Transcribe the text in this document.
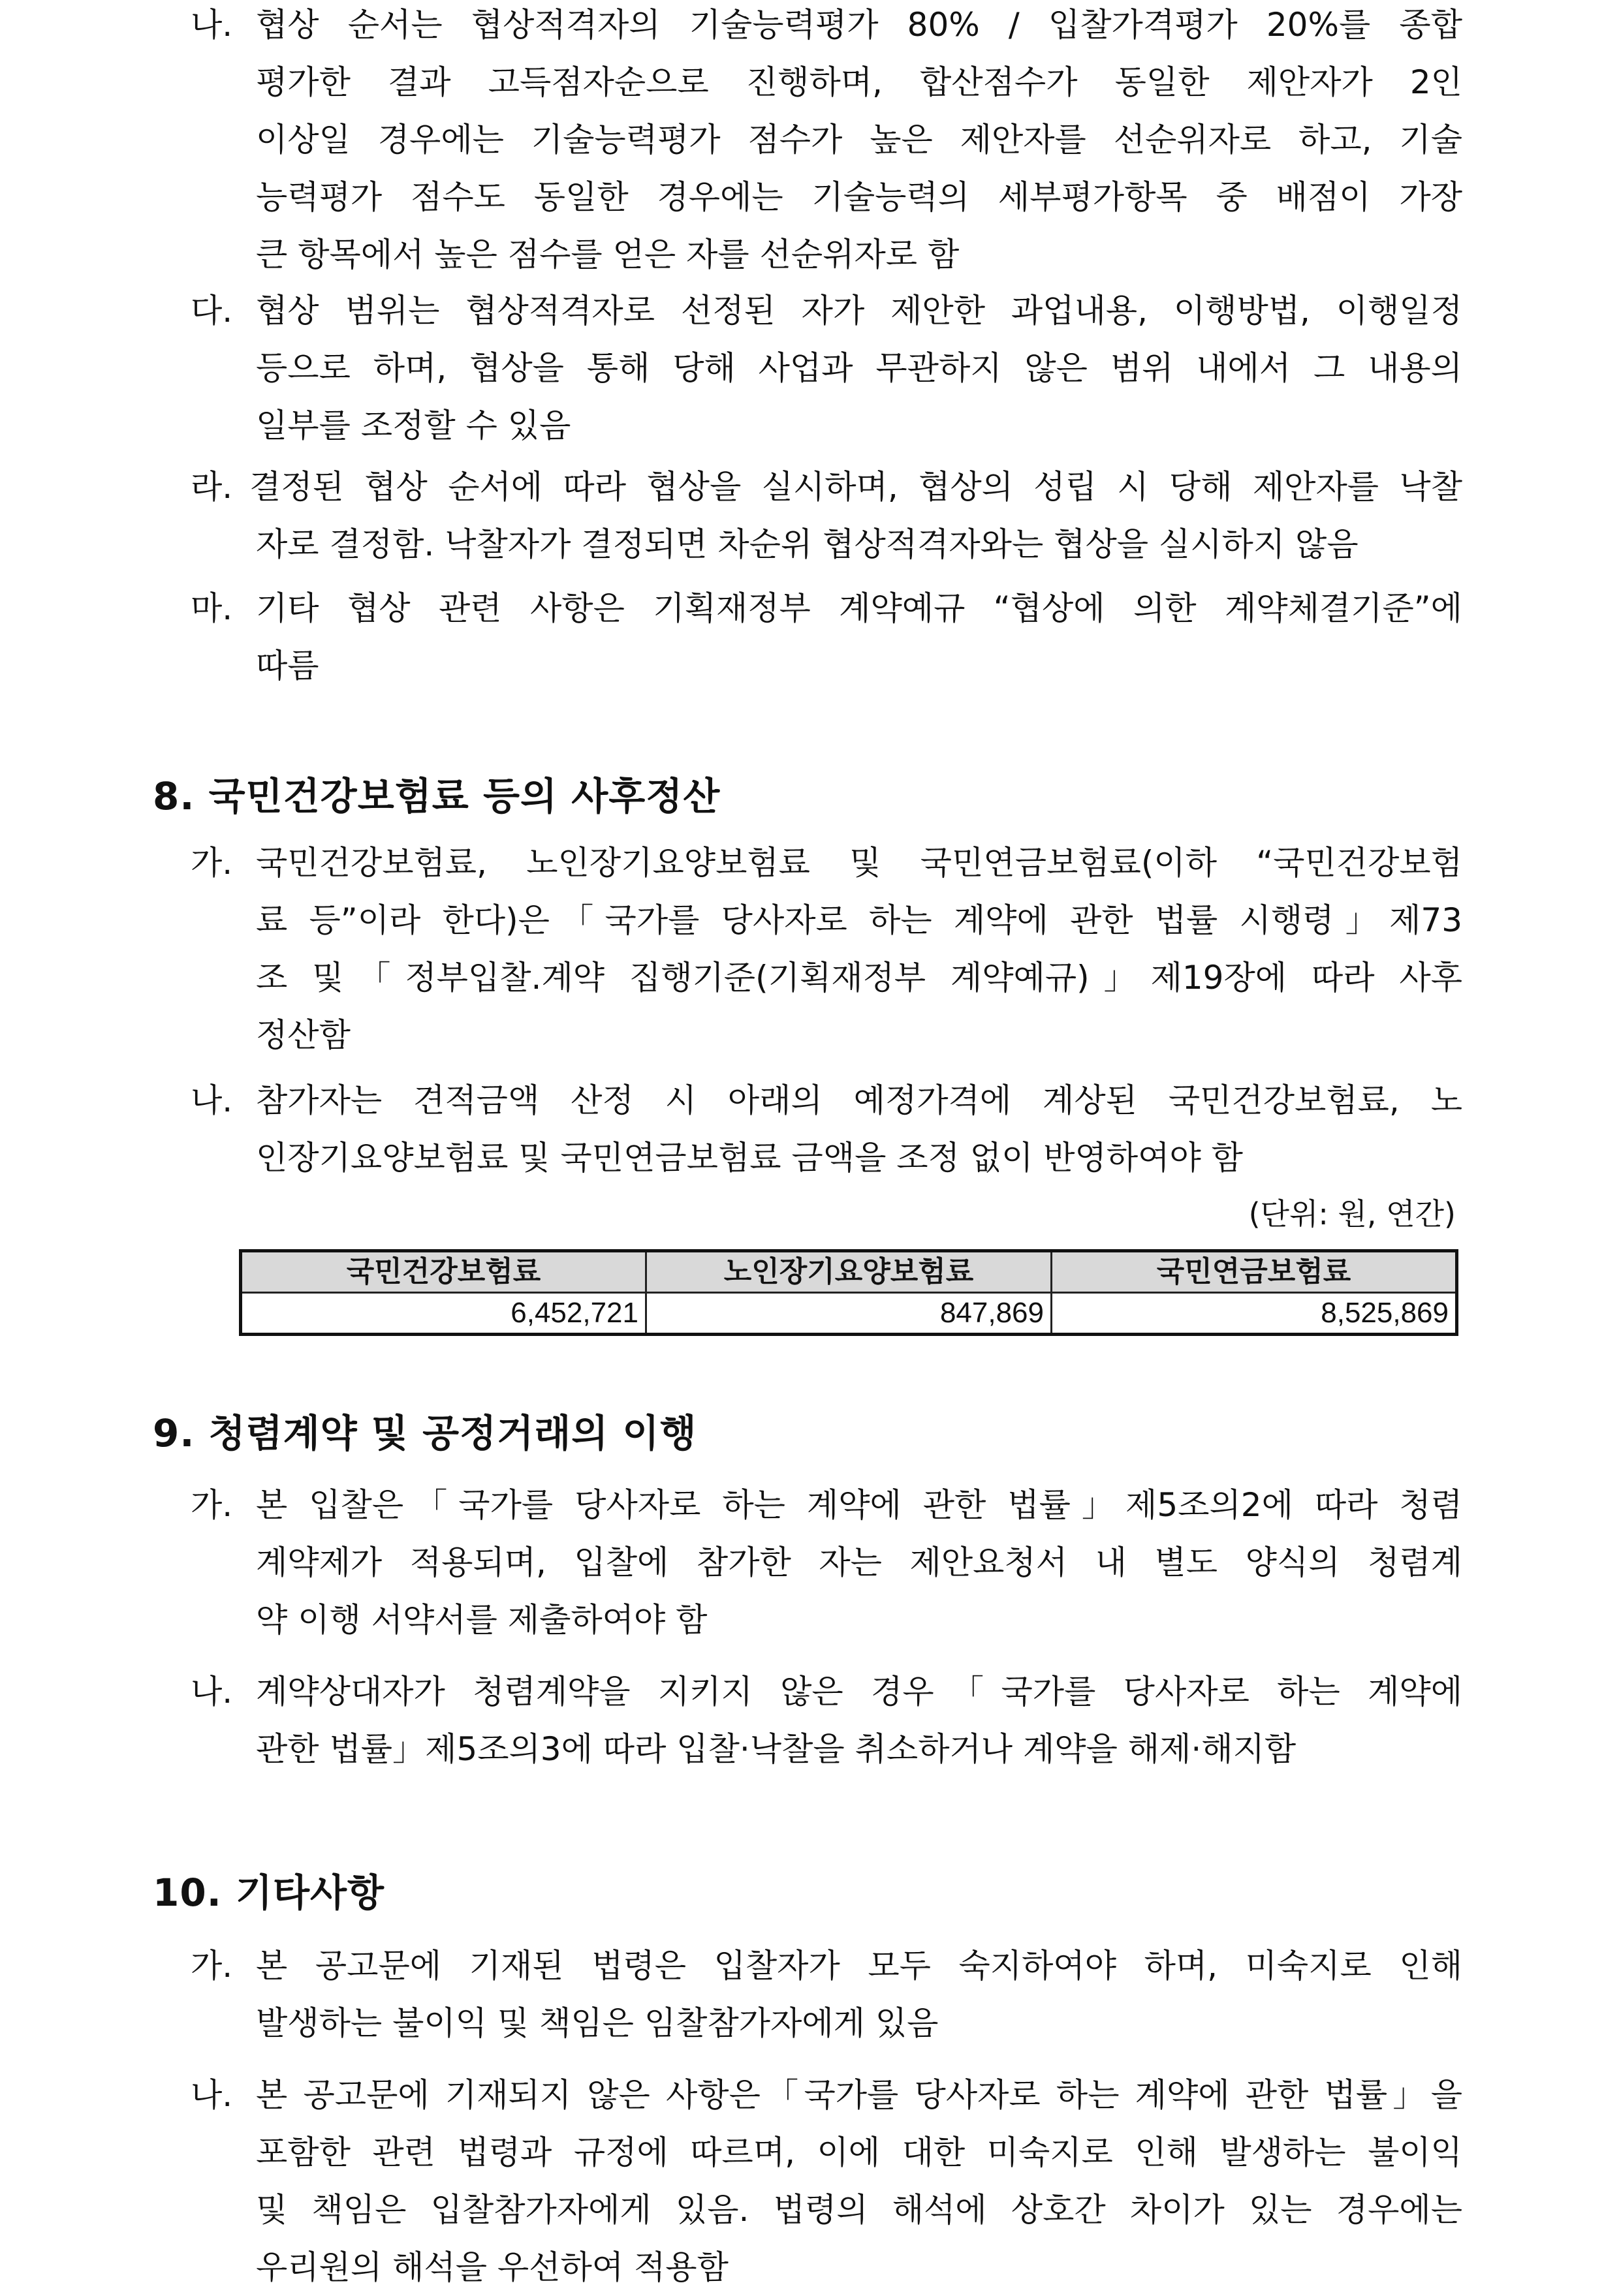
나. 협상 순서는 협상적격자의 기술능력평가 80% / 입찰가격평가 20%를 종합
평가한 결과 고득점자순으로 진행하며, 합산점수가 동일한 제안자가 2인
이상일 경우에는 기술능력평가 점수가 높은 제안자를 선순위자로 하고, 기술
능력평가 점수도 동일한 경우에는 기술능력의 세부평가항목 중 배점이 가장
큰 항목에서 높은 점수를 얻은 자를 선순위자로 함
다. 협상 범위는 협상적격자로 선정된 자가 제안한 과업내용, 이행방법, 이행일정
등으로 하며, 협상을 통해 당해 사업과 무관하지 않은 범위 내에서 그 내용의
일부를 조정할 수 있음
라. 결정된 협상 순서에 따라 협상을 실시하며, 협상의 성립 시 당해 제안자를 낙찰
자로 결정함. 낙찰자가 결정되면 차순위 협상적격자와는 협상을 실시하지 않음
마. 기타 협상 관련 사항은 기획재정부 계약예규 “협상에 의한 계약체결기준”에
따름
8. 국민건강보험료 등의 사후정산
가. 국민건강보험료, 노인장기요양보험료 및 국민연금보험료(이하 “국민건강보험
료 등”이라 한다)은「국가를 당사자로 하는 계약에 관한 법률 시행령」제73
조 및「정부입찰.계약 집행기준(기획재정부 계약예규)」제19장에 따라 사후
정산함
나. 참가자는 견적금액 산정 시 아래의 예정가격에 계상된 국민건강보험료, 노
인장기요양보험료 및 국민연금보험료 금액을 조정 없이 반영하여야 함
(단위: 원, 연간)
국민건강보험료	노인장기요양보험료	국민연금보험료
6,452,721	847,869	8,525,869
9. 청렴계약 및 공정거래의 이행
가. 본 입찰은「국가를 당사자로 하는 계약에 관한 법률」제5조의2에 따라 청렴
계약제가 적용되며, 입찰에 참가한 자는 제안요청서 내 별도 양식의 청렴계
약 이행 서약서를 제출하여야 함
나. 계약상대자가 청렴계약을 지키지 않은 경우「국가를 당사자로 하는 계약에
관한 법률」제5조의3에 따라 입찰·낙찰을 취소하거나 계약을 해제·해지함
10. 기타사항
가. 본 공고문에 기재된 법령은 입찰자가 모두 숙지하여야 하며, 미숙지로 인해
발생하는 불이익 및 책임은 임찰참가자에게 있음
나. 본 공고문에 기재되지 않은 사항은「국가를 당사자로 하는 계약에 관한 법률」을
포함한 관련 법령과 규정에 따르며, 이에 대한 미숙지로 인해 발생하는 불이익
및 책임은 입찰참가자에게 있음. 법령의 해석에 상호간 차이가 있는 경우에는
우리원의 해석을 우선하여 적용함
